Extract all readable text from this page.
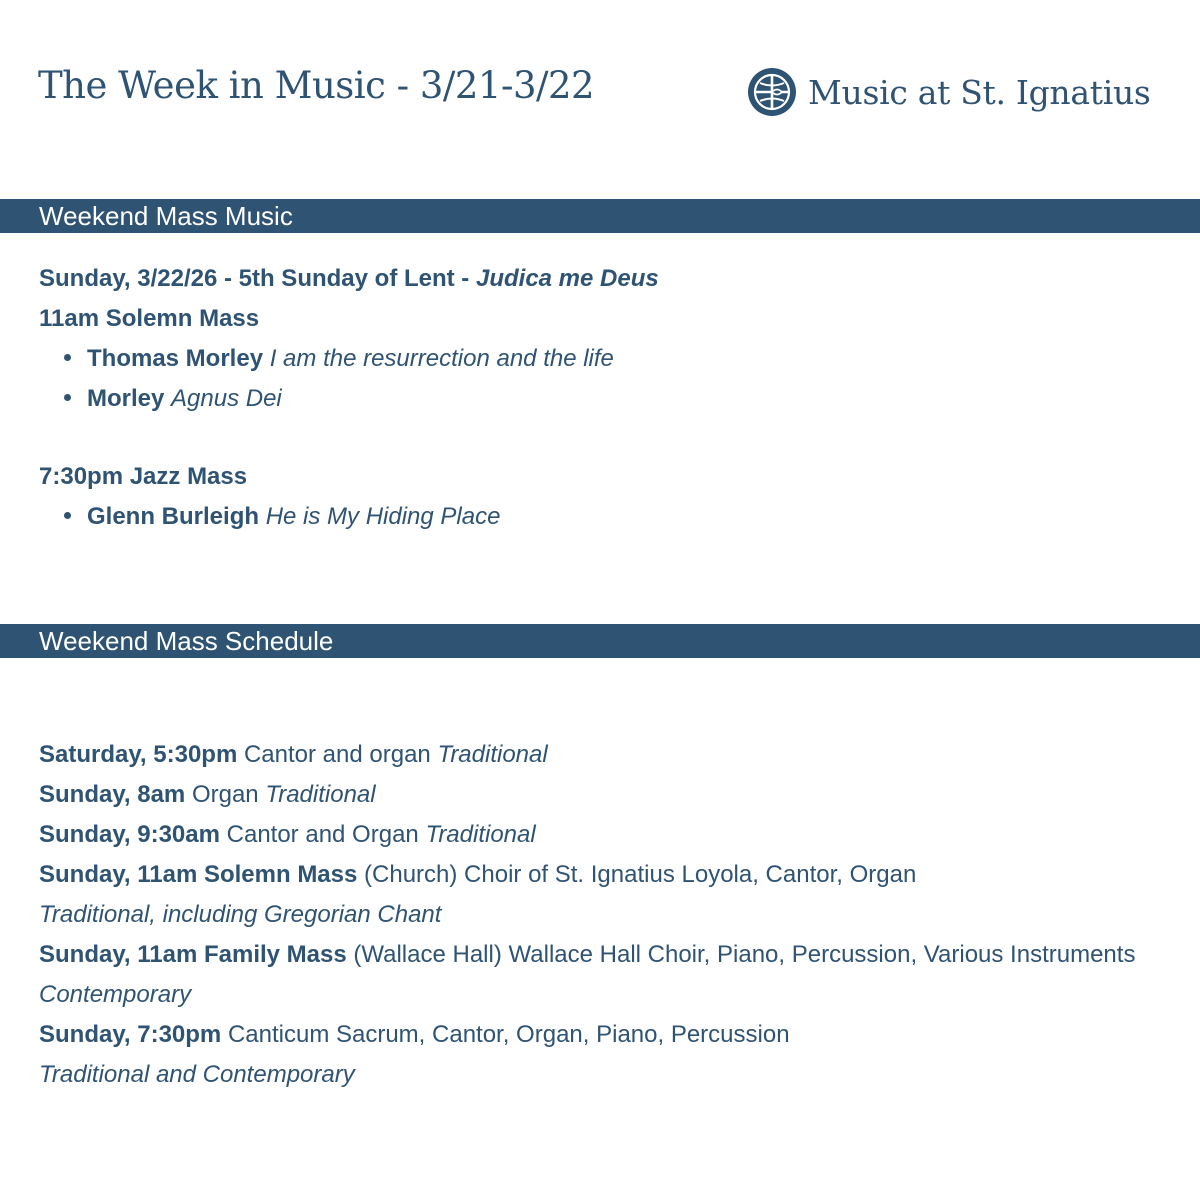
The Week in Music - 3/21-3/22	Music at St. Ignatius
Weekend Mass Music
Sunday, 3/22/26 - 5th Sunday of Lent - Judica me Deus
11am Solemn Mass
Thomas Morley I am the resurrection and the life
Morley Agnus Dei
7:30pm Jazz Mass
Glenn Burleigh He is My Hiding Place
Weekend Mass Schedule
Saturday, 5:30pm Cantor and organ Traditional
Sunday, 8am Organ Traditional
Sunday, 9:30am Cantor and Organ Traditional
Sunday, 11am Solemn Mass (Church) Choir of St. Ignatius Loyola, Cantor, Organ
Traditional, including Gregorian Chant
Sunday, 11am Family Mass (Wallace Hall) Wallace Hall Choir, Piano, Percussion, Various Instruments
Contemporary
Sunday, 7:30pm Canticum Sacrum, Cantor, Organ, Piano, Percussion
Traditional and Contemporary
